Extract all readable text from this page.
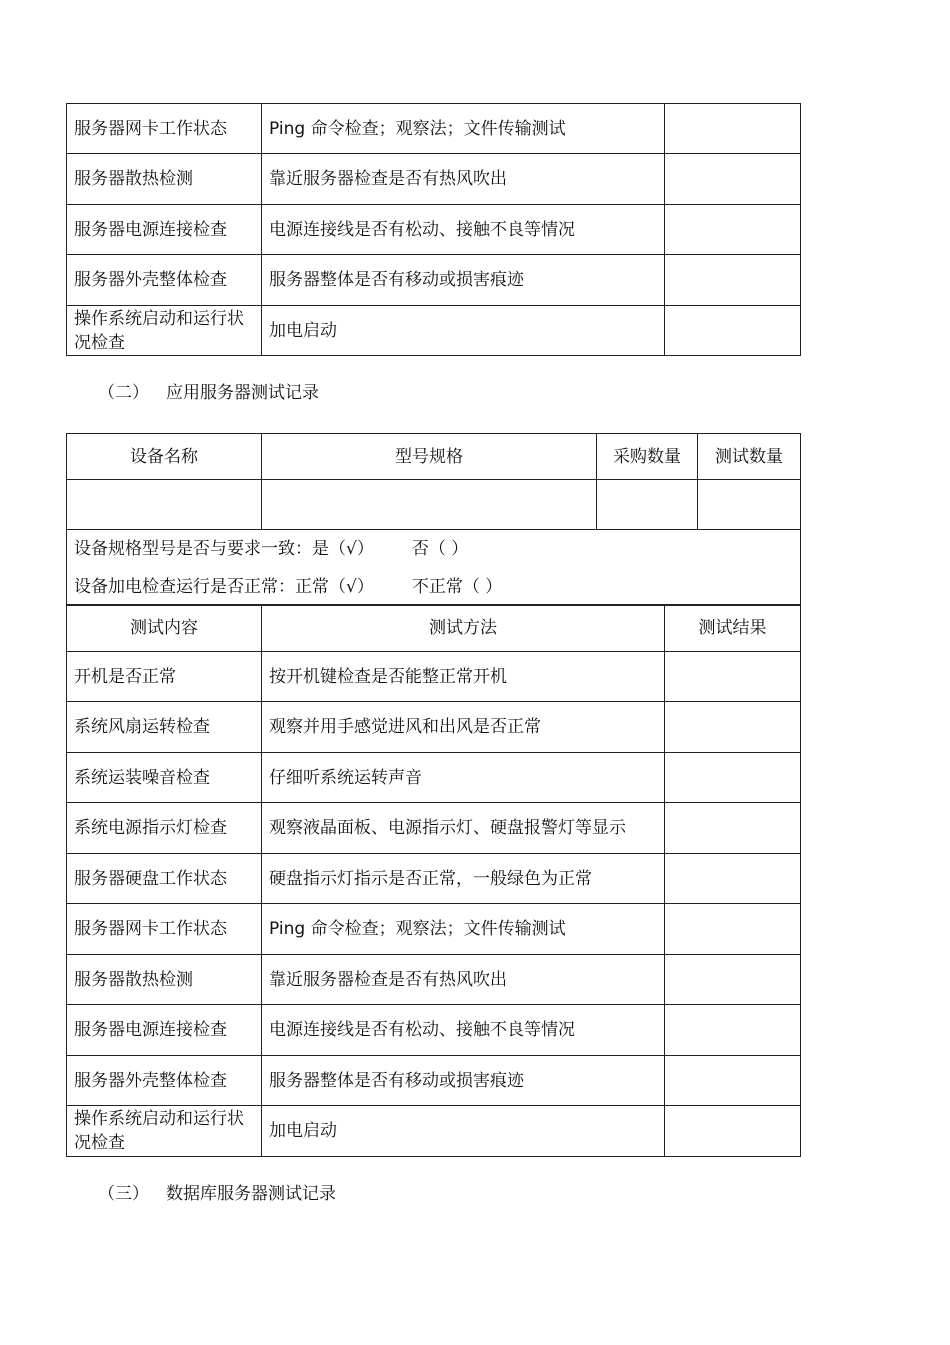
服务器网卡工作状态	Ping 命令检查；观察法；文件传输测试	
服务器散热检测	靠近服务器检查是否有热风吹出	
服务器电源连接检查	电源连接线是否有松动、接触不良等情况	
服务器外壳整体检查	服务器整体是否有移动或损害痕迹	
操作系统启动和运行状况检查	加电启动	
（二） 应用服务器测试记录
设备名称	型号规格	采购数量	测试数量

设备规格型号是否与要求一致：是（√） 否（ ）
设备加电检查运行是否正常：正常（√） 不正常（ ）			
测试内容	测试方法	测试结果
开机是否正常	按开机键检查是否能整正常开机	
系统风扇运转检查	观察并用手感觉进风和出风是否正常	
系统运装噪音检查	仔细听系统运转声音	
系统电源指示灯检查	观察液晶面板、电源指示灯、硬盘报警灯等显示	
服务器硬盘工作状态	硬盘指示灯指示是否正常，一般绿色为正常	
服务器网卡工作状态	Ping 命令检查；观察法；文件传输测试	
服务器散热检测	靠近服务器检查是否有热风吹出	
服务器电源连接检查	电源连接线是否有松动、接触不良等情况	
服务器外壳整体检查	服务器整体是否有移动或损害痕迹	
操作系统启动和运行状况检查	加电启动	
（三） 数据库服务器测试记录
